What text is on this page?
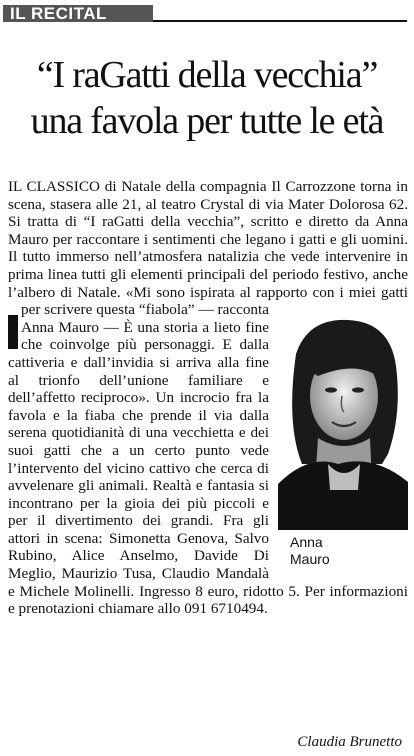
IL RECITAL
“I raGatti della vecchia”
una favola per tutte le età

IL CLASSICO di Natale della compagnia Il Carrozzone torna in scena, stasera alle 21, al teatro Crystal di via Mater Dolorosa 62. Si tratta di “I raGatti della vecchia”, scritto e diretto da Anna Mauro per raccontare i sentimenti che legano i gatti e gli uomini. Il tutto immerso nell’atmosfera natalizia che vede intervenire in prima linea tutti gli elementi principali del periodo festivo, anche l’albero di Natale. «Mi sono ispirata al rapporto con i miei gatti per scrivere questa “fiabola” — racconta Anna Mauro — È una storia a lieto fine che coinvolge più personaggi. E dalla cattiveria e dall’invidia si arriva alla fine al trionfo dell’unione familiare e dell’affetto reciproco». Un incrocio fra la favola e la fiaba che prende il via dalla serena quotidianità di una vecchietta e dei suoi gatti che a un certo punto vede l’intervento del vicino cattivo che cerca di avvelenare gli animali. Realtà e fantasia si incontrano per la gioia dei più piccoli e per il divertimento dei grandi. Fra gli attori in scena: Simonetta Genova, Salvo Rubino, Alice Anselmo, Davide Di Meglio, Maurizio Tusa, Claudio Mandalà e Michele Molinelli. Ingresso 8 euro, ridotto 5. Per informazioni e prenotazioni chiamare allo 091 6710494.

Anna
Mauro
Claudia Brunetto
